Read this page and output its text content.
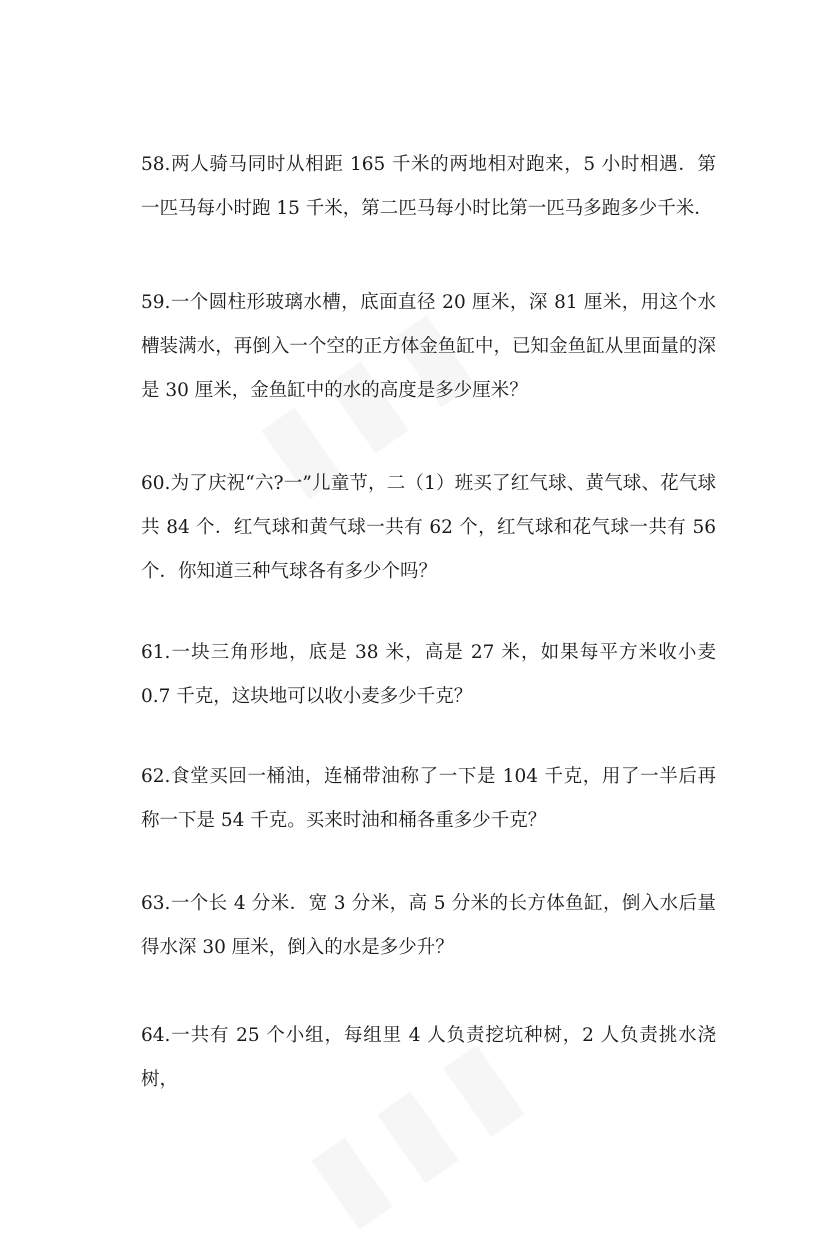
58.两人骑马同时从相距 165 千米的两地相对跑来，5 小时相遇．第一匹马每小时跑 15 千米，第二匹马每小时比第一匹马多跑多少千米．

59.一个圆柱形玻璃水槽，底面直径 20 厘米，深 81 厘米，用这个水槽装满水，再倒入一个空的正方体金鱼缸中，已知金鱼缸从里面量的深是 30 厘米，金鱼缸中的水的高度是多少厘米？

60.为了庆祝“六?一”儿童节，二（1）班买了红气球、黄气球、花气球共 84 个．红气球和黄气球一共有 62 个，红气球和花气球一共有 56 个．你知道三种气球各有多少个吗？

61.一块三角形地，底是 38 米，高是 27 米，如果每平方米收小麦 0.7 千克，这块地可以收小麦多少千克？

62.食堂买回一桶油，连桶带油称了一下是 104 千克，用了一半后再称一下是 54 千克。买来时油和桶各重多少千克？

63.一个长 4 分米．宽 3 分米，高 5 分米的长方体鱼缸，倒入水后量得水深 30 厘米，倒入的水是多少升？

64.一共有 25 个小组，每组里 4 人负责挖坑种树，2 人负责挑水浇树，
